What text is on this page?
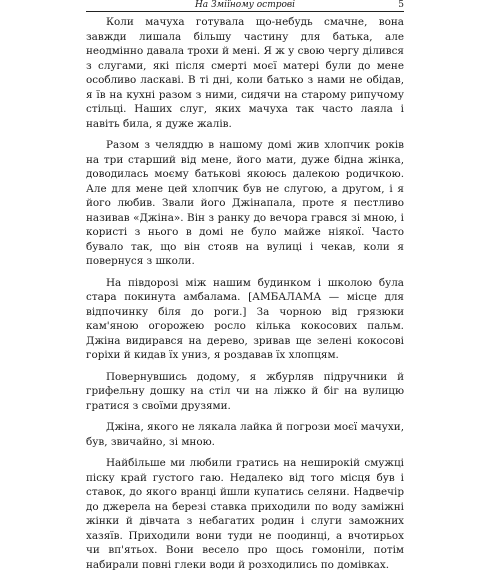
На Зміїному острові	5

Коли мачуха готувала що-небудь смачне, вона завжди лишала більшу частину для батька, але неодмінно давала трохи й мені. Я ж у свою чергу ділився з слугами, які після смерті моєї матері були до мене особливо ласкаві. В ті дні, коли батько з нами не обідав, я їв на кухні разом з ними, сидячи на старому рипучому стільці. Наших слуг, яких мачуха так часто лаяла і навіть била, я дуже жалів.

Разом з челяддю в нашому домі жив хлопчик років на три старший від мене, його мати, дуже бідна жінка, доводилась моєму батькові якоюсь далекою родичкою. Але для мене цей хлопчик був не слугою, а другом, і я його любив. Звали його Джінапала, проте я пестливо називав «Джіна». Він з ранку до вечора грався зі мною, і користі з нього в домі не було майже ніякої. Часто бувало так, що він стояв на вулиці і чекав, коли я повернуся з школи.

На півдорозі між нашим будинком і школою була стара покинута амбалама. [АМБАЛАМА — місце для відпочинку біля до роги.] За чорною від грязюки кам'яною огорожею росло кілька кокосових пальм. Джіна видирався на дерево, зривав ще зелені кокосові горіхи й кидав їх униз, я роздавав їх хлопцям.

Повернувшись додому, я жбурляв підручники й грифельну дошку на стіл чи на ліжко й біг на вулицю гратися з своїми друзями.

Джіна, якого не лякала лайка й погрози моєї мачухи, був, звичайно, зі мною.

Найбільше ми любили гратись на неширокій смужці піску край густого гаю. Недалеко від того місця був і ставок, до якого вранці йшли купатись селяни. Надвечір до джерела на березі ставка приходили по воду заміжні жінки й дівчата з небагатих родин і слуги заможних хазяїв. Приходили вони туди не поодинці, а вчотирьох чи вп'ятьох. Вони весело про щось гомоніли, потім набирали повні глеки води й розходились по домівках.
